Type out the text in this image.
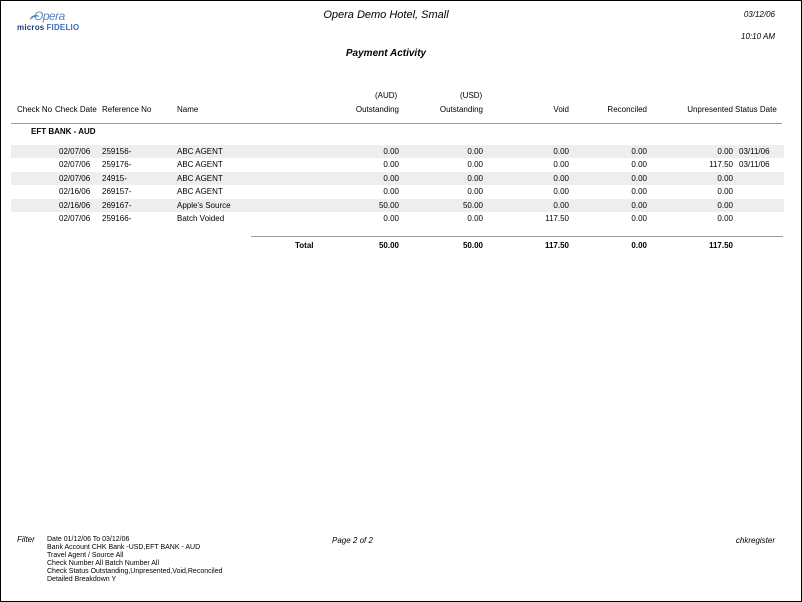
Opera
micros FIDELIO
Opera Demo Hotel, Small	03/12/06
10:10 AM
Payment Activity
(AUD)	(USD)
Check No Check Date Reference No	Name	Outstanding	Outstanding	Void	Reconciled	Unpresented Status Date
EFT BANK - AUD
02/07/06 259156-	ABC AGENT	0.00	0.00	0.00	0.00	0.00 03/11/06
02/07/06 259176-	ABC AGENT	0.00	0.00	0.00	0.00	117.50 03/11/06
02/07/06 24915-	ABC AGENT	0.00	0.00	0.00	0.00	0.00
02/16/06 269157-	ABC AGENT	0.00	0.00	0.00	0.00	0.00
02/16/06 269167-	Apple's Source	50.00	50.00	0.00	0.00	0.00
02/07/06 259166-	Batch Voided	0.00	0.00	117.50	0.00	0.00
Total	50.00	50.00	117.50	0.00	117.50
Filter Date 01/12/06 To 03/12/06
Bank Account CHK Bank -USD,EFT BANK - AUD
Travel Agent / Source All
Check Number All Batch Number All
Check Status Outstanding,Unpresented,Void,Reconciled
Detailed Breakdown Y
Page 2 of 2	chkregister
